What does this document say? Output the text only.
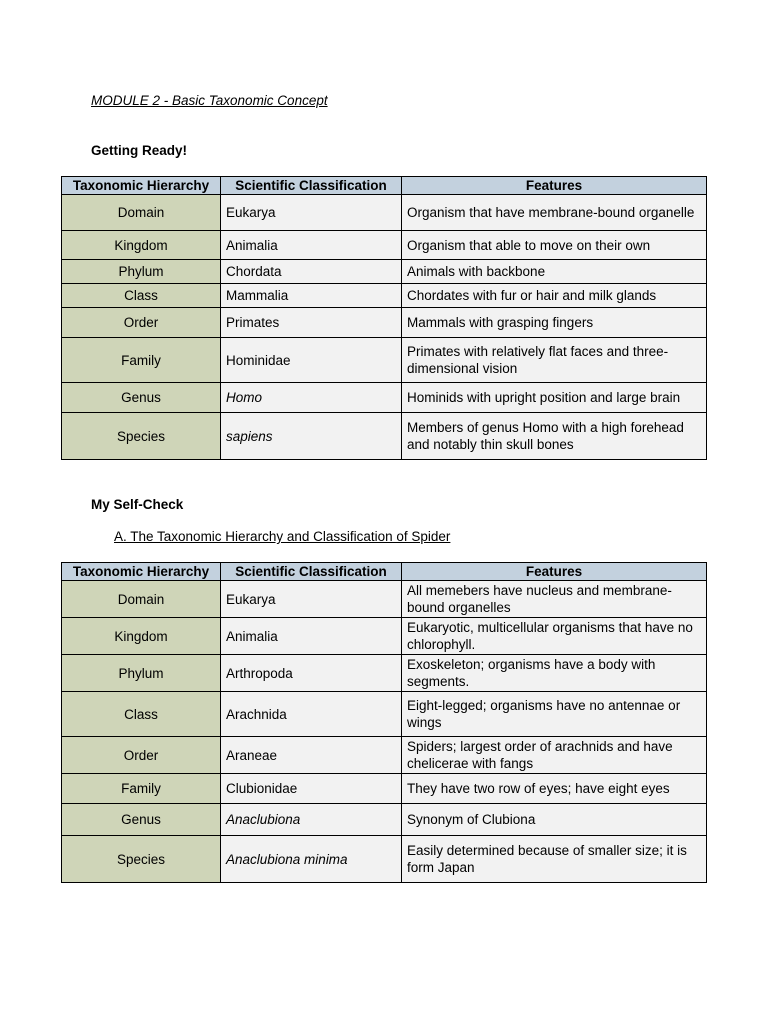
MODULE 2 - Basic Taxonomic Concept
Getting Ready!
Taxonomic Hierarchy	Scientific Classification	Features
Domain	Eukarya	Organism that have membrane-bound organelle
Kingdom	Animalia	Organism that able to move on their own
Phylum	Chordata	Animals with backbone
Class	Mammalia	Chordates with fur or hair and milk glands
Order	Primates	Mammals with grasping fingers
Family	Hominidae	Primates with relatively flat faces and three-dimensional vision
Genus	Homo	Hominids with upright position and large brain
Species	sapiens	Members of genus Homo with a high forehead and notably thin skull bones
My Self-Check
A. The Taxonomic Hierarchy and Classification of Spider
Taxonomic Hierarchy	Scientific Classification	Features
Domain	Eukarya	All memebers have nucleus and membrane-bound organelles
Kingdom	Animalia	Eukaryotic, multicellular organisms that have no chlorophyll.
Phylum	Arthropoda	Exoskeleton; organisms have a body with segments.
Class	Arachnida	Eight-legged; organisms have no antennae or wings
Order	Araneae	Spiders; largest order of arachnids and have chelicerae with fangs
Family	Clubionidae	They have two row of eyes; have eight eyes
Genus	Anaclubiona	Synonym of Clubiona
Species	Anaclubiona minima	Easily determined because of smaller size; it is form Japan
